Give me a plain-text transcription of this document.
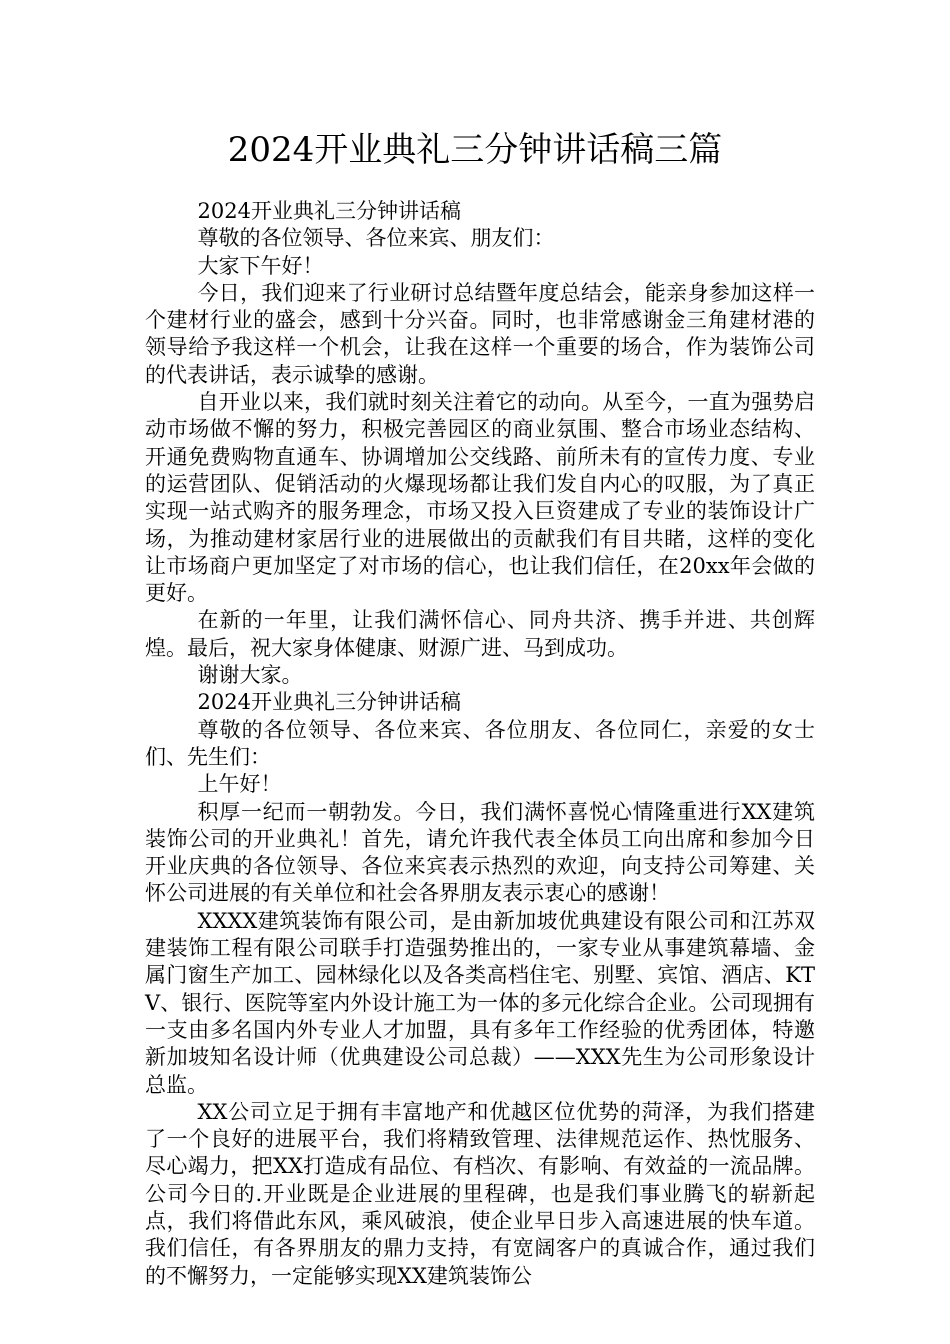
2024开业典礼三分钟讲话稿三篇

2024开业典礼三分钟讲话稿

尊敬的各位领导、各位来宾、朋友们：

大家下午好！

今日，我们迎来了行业研讨总结暨年度总结会，能亲身参加这样一个建材行业的盛会，感到十分兴奋。同时，也非常感谢金三角建材港的领导给予我这样一个机会，让我在这样一个重要的场合，作为装饰公司的代表讲话，表示诚挚的感谢。

自开业以来，我们就时刻关注着它的动向。从至今，一直为强势启动市场做不懈的努力，积极完善园区的商业氛围、整合市场业态结构、开通免费购物直通车、协调增加公交线路、前所未有的宣传力度、专业的运营团队、促销活动的火爆现场都让我们发自内心的叹服，为了真正实现一站式购齐的服务理念，市场又投入巨资建成了专业的装饰设计广场，为推动建材家居行业的进展做出的贡献我们有目共睹，这样的变化让市场商户更加坚定了对市场的信心，也让我们信任，在20xx年会做的更好。

在新的一年里，让我们满怀信心、同舟共济、携手并进、共创辉煌。最后，祝大家身体健康、财源广进、马到成功。

谢谢大家。

2024开业典礼三分钟讲话稿

尊敬的各位领导、各位来宾、各位朋友、各位同仁，亲爱的女士们、先生们：

上午好！

积厚一纪而一朝勃发。今日，我们满怀喜悦心情隆重进行XX建筑装饰公司的开业典礼！首先，请允许我代表全体员工向出席和参加今日开业庆典的各位领导、各位来宾表示热烈的欢迎，向支持公司筹建、关怀公司进展的有关单位和社会各界朋友表示衷心的感谢！

XXXX建筑装饰有限公司，是由新加坡优典建设有限公司和江苏双建装饰工程有限公司联手打造强势推出的，一家专业从事建筑幕墙、金属门窗生产加工、园林绿化以及各类高档住宅、别墅、宾馆、酒店、KTV、银行、医院等室内外设计施工为一体的多元化综合企业。公司现拥有一支由多名国内外专业人才加盟，具有多年工作经验的优秀团体，特邀新加坡知名设计师（优典建设公司总裁）——XXX先生为公司形象设计总监。

XX公司立足于拥有丰富地产和优越区位优势的菏泽，为我们搭建了一个良好的进展平台，我们将精致管理、法律规范运作、热忱服务、尽心竭力，把XX打造成有品位、有档次、有影响、有效益的一流品牌。公司今日的.开业既是企业进展的里程碑，也是我们事业腾飞的崭新起点，我们将借此东风，乘风破浪，使企业早日步入高速进展的快车道。我们信任，有各界朋友的鼎力支持，有宽阔客户的真诚合作，通过我们的不懈努力，一定能够实现XX建筑装饰公
